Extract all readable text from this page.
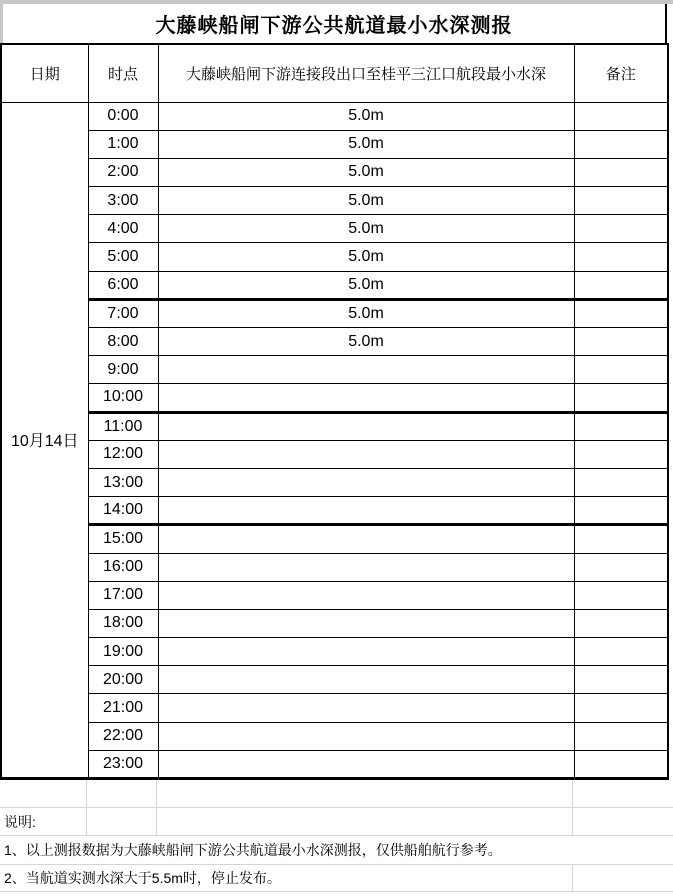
大藤峡船闸下游公共航道最小水深测报
日期	时点	大藤峡船闸下游连接段出口至桂平三江口航段最小水深	备注
10月14日	0:00	5.0m	
	1:00	5.0m	
	2:00	5.0m	
	3:00	5.0m	
	4:00	5.0m	
	5:00	5.0m	
	6:00	5.0m	
	7:00	5.0m	
	8:00	5.0m	
	9:00		
	10:00		
	11:00		
	12:00		
	13:00		
	14:00		
	15:00		
	16:00		
	17:00		
	18:00		
	19:00		
	20:00		
	21:00		
	22:00		
	23:00		
说明:
1、以上测报数据为大藤峡船闸下游公共航道最小水深测报，仅供船舶航行参考。
2、当航道实测水深大于5.5m时，停止发布。
